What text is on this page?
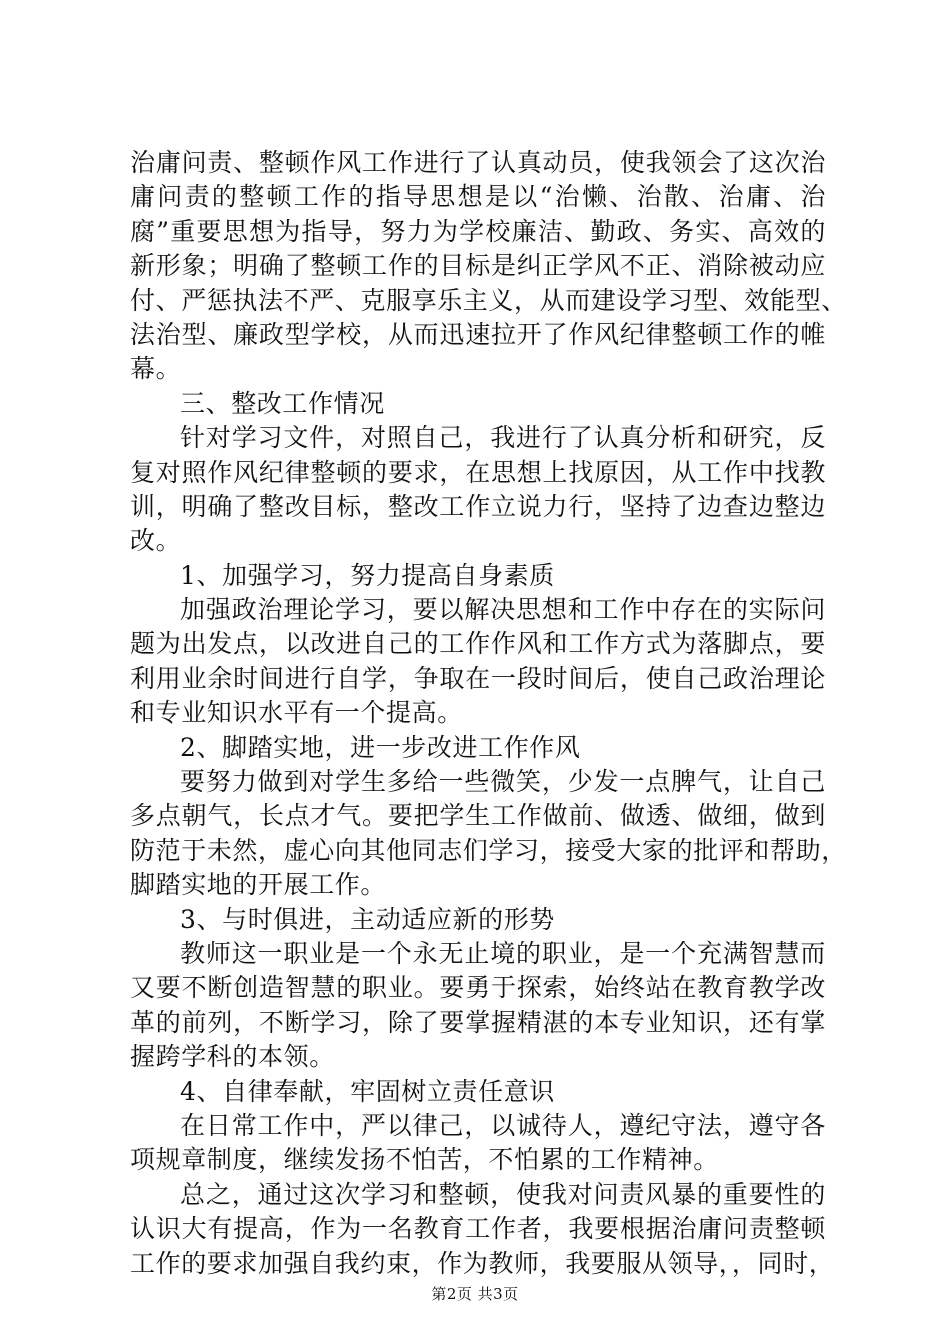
治庸问责、整顿作风工作进行了认真动员，使我领会了这次治
庸问责的整顿工作的指导思想是以“治懒、治散、治庸、治
腐”重要思想为指导，努力为学校廉洁、勤政、务实、高效的
新形象；明确了整顿工作的目标是纠正学风不正、消除被动应
付、严惩执法不严、克服享乐主义，从而建设学习型、效能型、
法治型、廉政型学校，从而迅速拉开了作风纪律整顿工作的帷
幕。
三、整改工作情况
针对学习文件，对照自己，我进行了认真分析和研究，反
复对照作风纪律整顿的要求，在思想上找原因，从工作中找教
训，明确了整改目标，整改工作立说力行，坚持了边查边整边
改。
1、加强学习，努力提高自身素质
加强政治理论学习，要以解决思想和工作中存在的实际问
题为出发点，以改进自己的工作作风和工作方式为落脚点，要
利用业余时间进行自学，争取在一段时间后，使自己政治理论
和专业知识水平有一个提高。
2、脚踏实地，进一步改进工作作风
要努力做到对学生多给一些微笑，少发一点脾气，让自己
多点朝气，长点才气。要把学生工作做前、做透、做细，做到
防范于未然，虚心向其他同志们学习，接受大家的批评和帮助，
脚踏实地的开展工作。
3、与时俱进，主动适应新的形势
教师这一职业是一个永无止境的职业，是一个充满智慧而
又要不断创造智慧的职业。要勇于探索，始终站在教育教学改
革的前列，不断学习，除了要掌握精湛的本专业知识，还有掌
握跨学科的本领。
4、自律奉献，牢固树立责任意识
在日常工作中，严以律己，以诚待人，遵纪守法，遵守各
项规章制度，继续发扬不怕苦，不怕累的工作精神。
总之，通过这次学习和整顿，使我对问责风暴的重要性的
认识大有提高，作为一名教育工作者，我要根据治庸问责整顿
工作的要求加强自我约束，作为教师，我要服从领导，，同时，
第2页 共3页
